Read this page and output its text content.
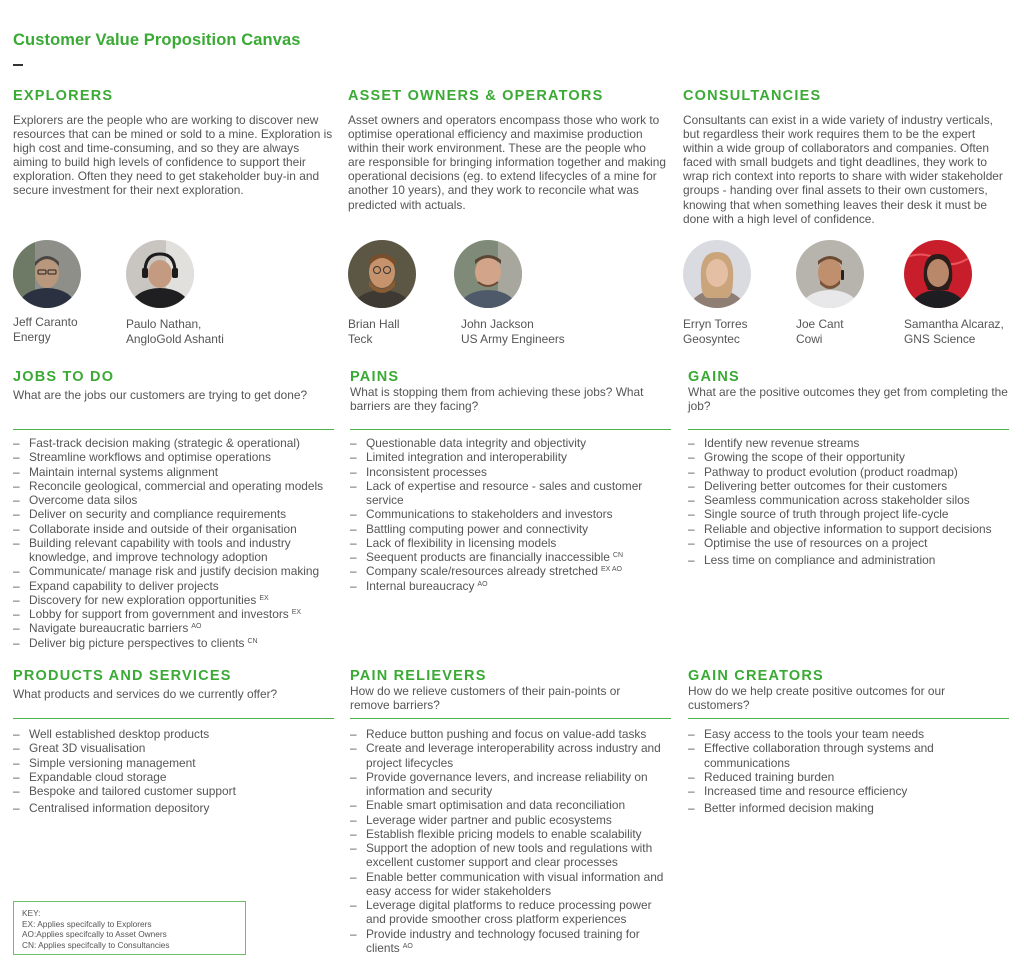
Customer Value Proposition Canvas
EXPLORERS	ASSET OWNERS & OPERATORS	CONSULTANCIES
Explorers are the people who are working to discover new resources that can be mined or sold to a mine. Exploration is high cost and time-consuming, and so they are always aiming to build high levels of confidence to support their exploration. Often they need to get stakeholder buy-in and secure investment for their next exploration.
Asset owners and operators encompass those who work to optimise operational efficiency and maximise production within their work environment. These are the people who are responsible for bringing information together and making operational decisions (eg. to extend lifecycles of a mine for another 10 years), and they work to reconcile what was predicted with actuals.
Consultants can exist in a wide variety of industry verticals, but regardless their work requires them to be the expert within a wide group of collaborators and companies. Often faced with small budgets and tight deadlines, they work to wrap rich context into reports to share with wider stakeholder groups - handing over final assets to their own customers, knowing that when something leaves their desk it must be done with a high level of confidence.
Jeff Caranto
Energy
Paulo Nathan,
AngloGold Ashanti
Brian Hall
Teck
John Jackson
US Army Engineers
Erryn Torres
Geosyntec
Joe Cant
Cowi
Samantha Alcaraz,
GNS Science
JOBS TO DO
What are the jobs our customers are trying to get done?
– Fast-track decision making (strategic & operational)
– Streamline workflows and optimise operations
– Maintain internal systems alignment
– Reconcile geological, commercial and operating models
– Overcome data silos
– Deliver on security and compliance requirements
– Collaborate inside and outside of their organisation
– Building relevant capability with tools and industry knowledge, and improve technology adoption
– Communicate/ manage risk and justify decision making
– Expand capability to deliver projects
– Discovery for new exploration opportunities $^{EX}$
– Lobby for support from government and investors $^{EX}$
– Navigate bureaucratic barriers $^{AO}$
– Deliver big picture perspectives to clients $^{CN}$
PAINS
What is stopping them from achieving these jobs? What barriers are they facing?
– Questionable data integrity and objectivity
– Limited integration and interoperability
– Inconsistent processes
– Lack of expertise and resource - sales and customer service
– Communications to stakeholders and investors
– Battling computing power and connectivity
– Lack of flexibility in licensing models
– Seequent products are financially inaccessible $^{CN}$
– Company scale/resources already stretched $^{EX AO}$
– Internal bureaucracy $^{AO}$
GAINS
What are the positive outcomes they get from completing the job?
– Identify new revenue streams
– Growing the scope of their opportunity
– Pathway to product evolution (product roadmap)
– Delivering better outcomes for their customers
– Seamless communication across stakeholder silos
– Single source of truth through project life-cycle
– Reliable and objective information to support decisions
– Optimise the use of resources on a project
– Less time on compliance and administration
PRODUCTS AND SERVICES
What products and services do we currently offer?
– Well established desktop products
– Great 3D visualisation
– Simple versioning management
– Expandable cloud storage
– Bespoke and tailored customer support
– Centralised information depository
PAIN RELIEVERS
How do we relieve customers of their pain-points or remove barriers?
– Reduce button pushing and focus on value-add tasks
– Create and leverage interoperability across industry and project lifecycles
– Provide governance levers, and increase reliability on information and security
– Enable smart optimisation and data reconciliation
– Leverage wider partner and public ecosystems
– Establish flexible pricing models to enable scalability
– Support the adoption of new tools and regulations with excellent customer support and clear processes
– Enable better communication with visual information and easy access for wider stakeholders
– Leverage digital platforms to reduce processing power and provide smoother cross platform experiences
– Provide industry and technology focused training for clients $^{AO}$
GAIN CREATORS
How do we help create positive outcomes for our customers?
– Easy access to the tools your team needs
– Effective collaboration through systems and communications
– Reduced training burden
– Increased time and resource efficiency
– Better informed decision making
KEY:
EX: Applies specifcally to Explorers
AO:Applies specifcally to Asset Owners
CN: Applies specifcally to Consultancies
